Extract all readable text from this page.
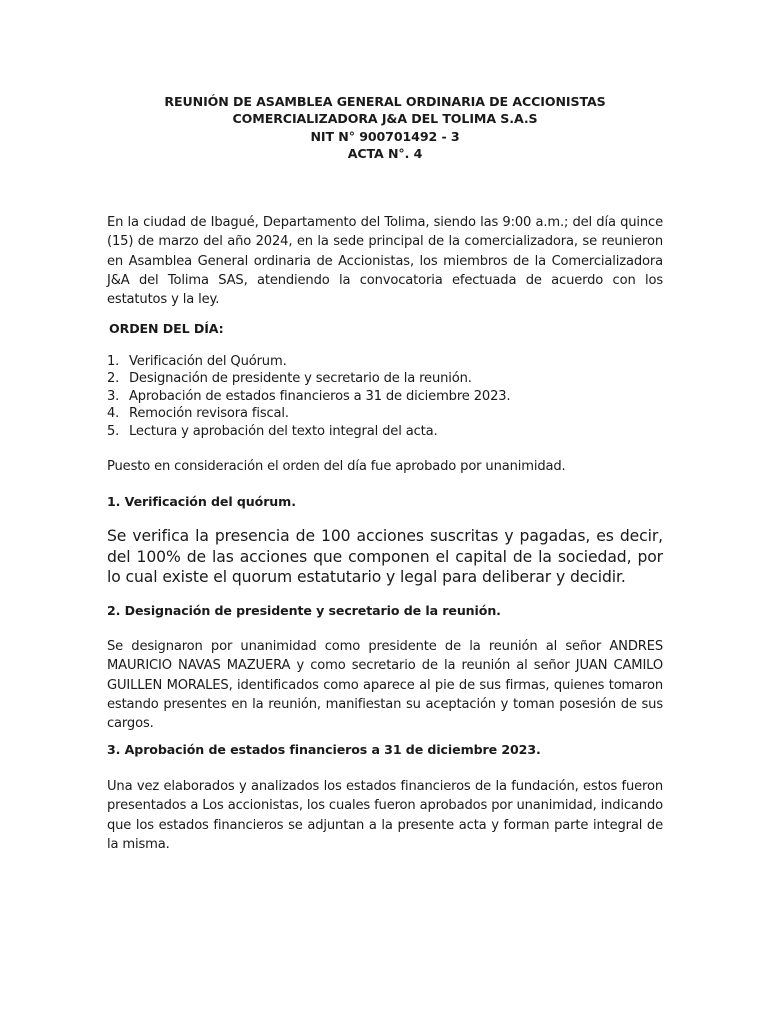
REUNIÓN DE ASAMBLEA GENERAL ORDINARIA DE ACCIONISTAS
COMERCIALIZADORA J&A DEL TOLIMA S.A.S
NIT N° 900701492 - 3
ACTA N°. 4

En la ciudad de Ibagué, Departamento del Tolima, siendo las 9:00 a.m.; del día quince (15) de marzo del año 2024, en la sede principal de la comercializadora, se reunieron en Asamblea General ordinaria de Accionistas, los miembros de la Comercializadora J&A del Tolima SAS, atendiendo la convocatoria efectuada de acuerdo con los estatutos y la ley.

ORDEN DEL DÍA:
1. Verificación del Quórum.
2. Designación de presidente y secretario de la reunión.
3. Aprobación de estados financieros a 31 de diciembre 2023.
4. Remoción revisora fiscal.
5. Lectura y aprobación del texto integral del acta.

Puesto en consideración el orden del día fue aprobado por unanimidad.

1. Verificación del quórum.

Se verifica la presencia de 100 acciones suscritas y pagadas, es decir, del 100% de las acciones que componen el capital de la sociedad, por lo cual existe el quorum estatutario y legal para deliberar y decidir.

2. Designación de presidente y secretario de la reunión.

Se designaron por unanimidad como presidente de la reunión al señor ANDRES MAURICIO NAVAS MAZUERA y como secretario de la reunión al señor JUAN CAMILO GUILLEN MORALES, identificados como aparece al pie de sus firmas, quienes tomaron estando presentes en la reunión, manifiestan su aceptación y toman posesión de sus cargos.

3. Aprobación de estados financieros a 31 de diciembre 2023.

Una vez elaborados y analizados los estados financieros de la fundación, estos fueron presentados a Los accionistas, los cuales fueron aprobados por unanimidad, indicando que los estados financieros se adjuntan a la presente acta y forman parte integral de la misma.
